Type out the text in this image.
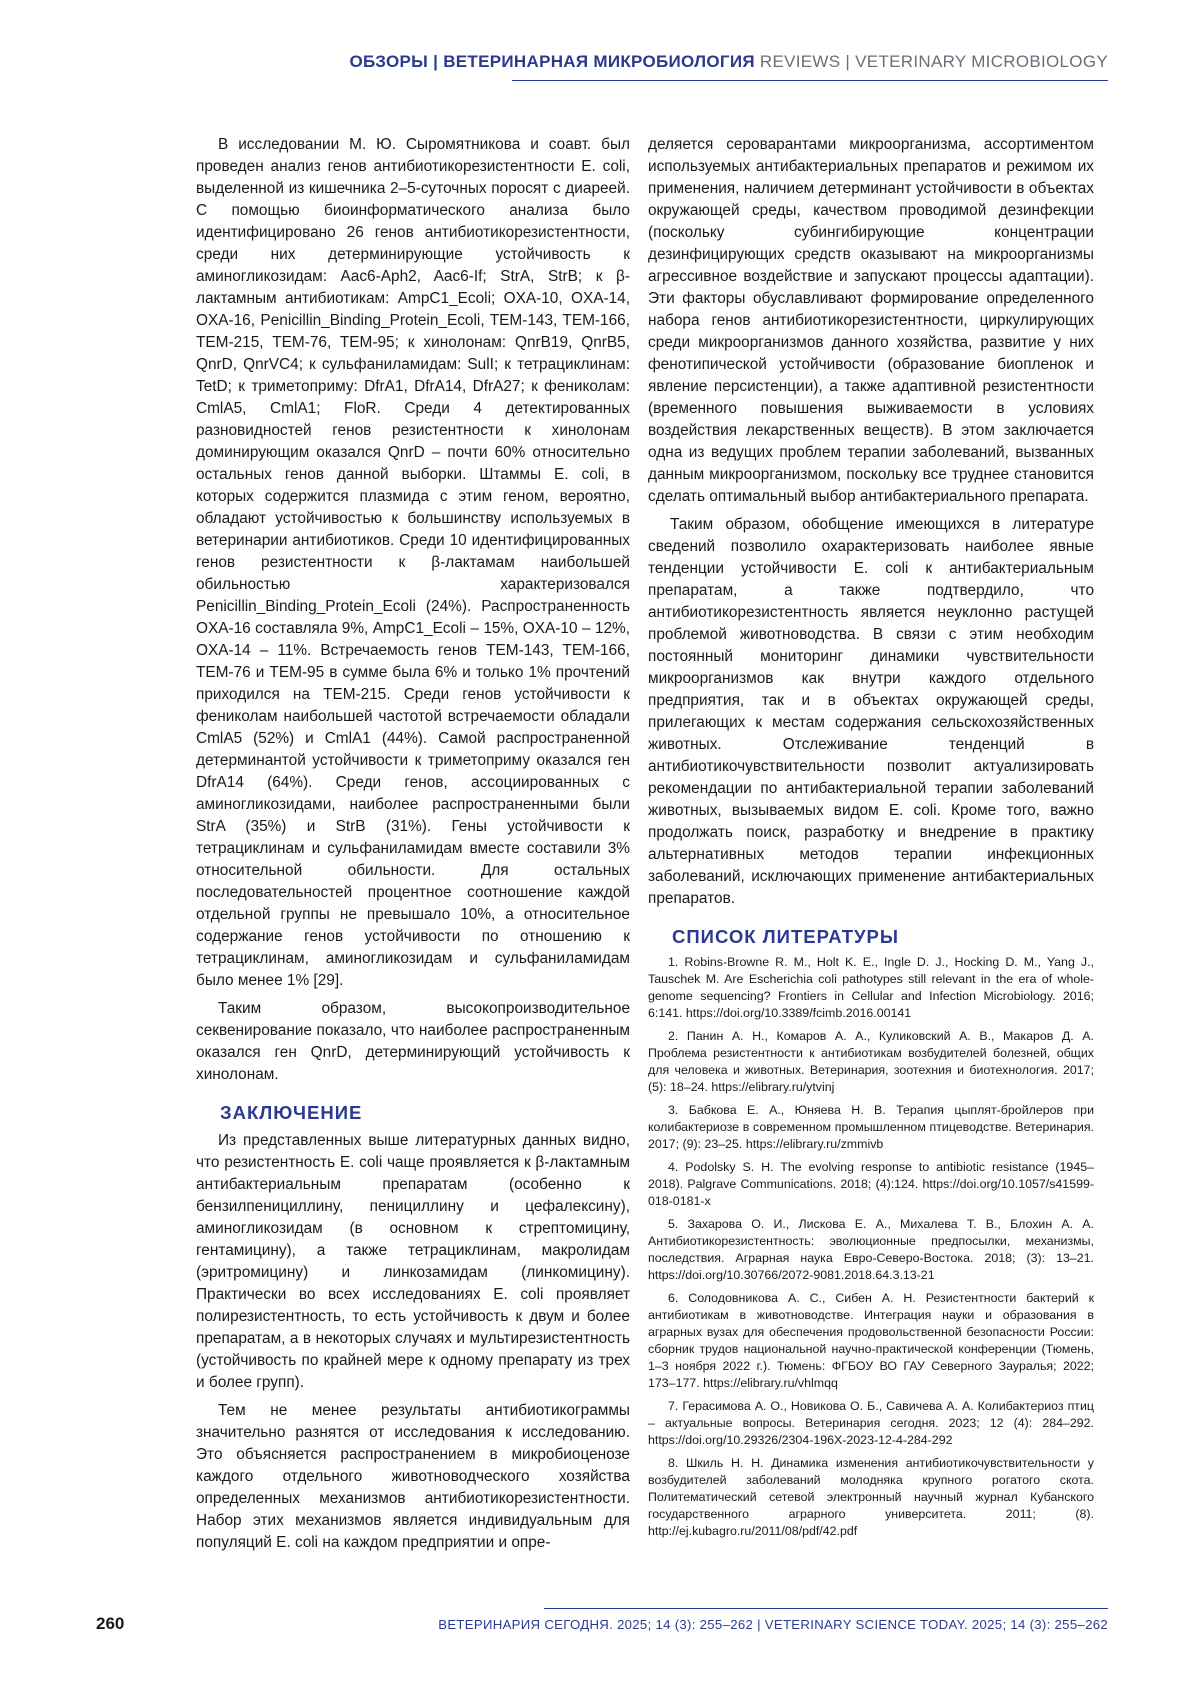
ОБЗОРЫ | ВЕТЕРИНАРНАЯ МИКРОБИОЛОГИЯ REVIEWS | VETERINARY MICROBIOLOGY

В исследовании М. Ю. Сыромятникова и соавт. был проведен анализ генов антибиотикорезистентности E. coli, выделенной из кишечника 2–5-суточных поросят с диареей. С помощью биоинформатического анализа было идентифицировано 26 генов антибиотикорезистентности, среди них детерминирующие устойчивость к аминогликозидам: Aac6-Aph2, Aac6-If; StrA, StrB; к β-лактамным антибиотикам: AmpC1_Ecoli; OXA-10, OXA-14, OXA-16, Penicillin_Binding_Protein_Ecoli, TEM-143, TEM-166, TEM-215, TEM-76, TEM-95; к хинолонам: QnrB19, QnrB5, QnrD, QnrVC4; к сульфаниламидам: SulI; к тетрациклинам: TetD; к триметоприму: DfrA1, DfrA14, DfrA27; к фениколам: CmlA5, CmlA1; FloR. Среди 4 детектированных разновидностей генов резистентности к хинолонам доминирующим оказался QnrD – почти 60% относительно остальных генов данной выборки. Штаммы E. coli, в которых содержится плазмида с этим геном, вероятно, обладают устойчивостью к большинству используемых в ветеринарии антибиотиков. Среди 10 идентифицированных генов резистентности к β-лактамам наибольшей обильностью характеризовался Penicillin_Binding_Protein_Ecoli (24%). Распространенность OXA-16 составляла 9%, AmpC1_Ecoli – 15%, OXA-10 – 12%, OXA-14 – 11%. Встречаемость генов TEM-143, TEM-166, TEM-76 и TEM-95 в сумме была 6% и только 1% прочтений приходился на TEM-215. Среди генов устойчивости к фениколам наибольшей частотой встречаемости обладали CmlA5 (52%) и CmlA1 (44%). Самой распространенной детерминантой устойчивости к триметоприму оказался ген DfrA14 (64%). Среди генов, ассоциированных с аминогликозидами, наиболее распространенными были StrA (35%) и StrB (31%). Гены устойчивости к тетрациклинам и сульфаниламидам вместе составили 3% относительной обильности. Для остальных последовательностей процентное соотношение каждой отдельной группы не превышало 10%, а относительное содержание генов устойчивости по отношению к тетрациклинам, аминогликозидам и сульфаниламидам было менее 1% [29].

Таким образом, высокопроизводительное секвенирование показало, что наиболее распространенным оказался ген QnrD, детерминирующий устойчивость к хинолонам.

ЗАКЛЮЧЕНИЕ

Из представленных выше литературных данных видно, что резистентность E. coli чаще проявляется к β-лактамным антибактериальным препаратам (особенно к бензилпенициллину, пенициллину и цефалексину), аминогликозидам (в основном к стрептомицину, гентамицину), а также тетрациклинам, макролидам (эритромицину) и линкозамидам (линкомицину). Практически во всех исследованиях E. coli проявляет полирезистентность, то есть устойчивость к двум и более препаратам, а в некоторых случаях и мультирезистентность (устойчивость по крайней мере к одному препарату из трех и более групп).

Тем не менее результаты антибиотикограммы значительно разнятся от исследования к исследованию. Это объясняется распространением в микробиоценозе каждого отдельного животноводческого хозяйства определенных механизмов антибиотикорезистентности. Набор этих механизмов является индивидуальным для популяций E. coli на каждом предприятии и опре-

деляется сероварантами микроорганизма, ассортиментом используемых антибактериальных препаратов и режимом их применения, наличием детерминант устойчивости в объектах окружающей среды, качеством проводимой дезинфекции (поскольку субингибирующие концентрации дезинфицирующих средств оказывают на микроорганизмы агрессивное воздействие и запускают процессы адаптации). Эти факторы обуславливают формирование определенного набора генов антибиотикорезистентности, циркулирующих среди микроорганизмов данного хозяйства, развитие у них фенотипической устойчивости (образование биопленок и явление персистенции), а также адаптивной резистентности (временного повышения выживаемости в условиях воздействия лекарственных веществ). В этом заключается одна из ведущих проблем терапии заболеваний, вызванных данным микроорганизмом, поскольку все труднее становится сделать оптимальный выбор антибактериального препарата.

Таким образом, обобщение имеющихся в литературе сведений позволило охарактеризовать наиболее явные тенденции устойчивости E. coli к антибактериальным препаратам, а также подтвердило, что антибиотикорезистентность является неуклонно растущей проблемой животноводства. В связи с этим необходим постоянный мониторинг динамики чувствительности микроорганизмов как внутри каждого отдельного предприятия, так и в объектах окружающей среды, прилегающих к местам содержания сельскохозяйственных животных. Отслеживание тенденций в антибиотикочувствительности позволит актуализировать рекомендации по антибактериальной терапии заболеваний животных, вызываемых видом E. coli. Кроме того, важно продолжать поиск, разработку и внедрение в практику альтернативных методов терапии инфекционных заболеваний, исключающих применение антибактериальных препаратов.

СПИСОК ЛИТЕРАТУРЫ
1. Robins-Browne R. M., Holt K. E., Ingle D. J., Hocking D. M., Yang J., Tauschek M. Are Escherichia coli pathotypes still relevant in the era of whole-genome sequencing? Frontiers in Cellular and Infection Microbiology. 2016; 6:141. https://doi.org/10.3389/fcimb.2016.00141
2. Панин А. Н., Комаров А. А., Куликовский А. В., Макаров Д. А. Проблема резистентности к антибиотикам возбудителей болезней, общих для человека и животных. Ветеринария, зоотехния и биотехнология. 2017; (5): 18–24. https://elibrary.ru/ytvinj
3. Бабкова Е. А., Юняева Н. В. Терапия цыплят-бройлеров при колибактериозе в современном промышленном птицеводстве. Ветеринария. 2017; (9): 23–25. https://elibrary.ru/zmmivb
4. Podolsky S. H. The evolving response to antibiotic resistance (1945–2018). Palgrave Communications. 2018; (4):124. https://doi.org/10.1057/s41599-018-0181-x
5. Захарова О. И., Лискова Е. А., Михалева Т. В., Блохин А. А. Антибиотикорезистентность: эволюционные предпосылки, механизмы, последствия. Аграрная наука Евро-Северо-Востока. 2018; (3): 13–21. https://doi.org/10.30766/2072-9081.2018.64.3.13-21
6. Солодовникова А. С., Сибен А. Н. Резистентности бактерий к антибиотикам в животноводстве. Интеграция науки и образования в аграрных вузах для обеспечения продовольственной безопасности России: сборник трудов национальной научно-практической конференции (Тюмень, 1–3 ноября 2022 г.). Тюмень: ФГБОУ ВО ГАУ Северного Зауралья; 2022; 173–177. https://elibrary.ru/vhlmqq
7. Герасимова А. О., Новикова О. Б., Савичева А. А. Колибактериоз птиц – актуальные вопросы. Ветеринария сегодня. 2023; 12 (4): 284–292. https://doi.org/10.29326/2304-196X-2023-12-4-284-292
8. Шкиль Н. Н. Динамика изменения антибиотикочувствительности у возбудителей заболеваний молодняка крупного рогатого скота. Политематический сетевой электронный научный журнал Кубанского государственного аграрного университета. 2011; (8). http://ej.kubagro.ru/2011/08/pdf/42.pdf
260	ВЕТЕРИНАРИЯ СЕГОДНЯ. 2025; 14 (3): 255–262 | VETERINARY SCIENCE TODAY. 2025; 14 (3): 255–262
